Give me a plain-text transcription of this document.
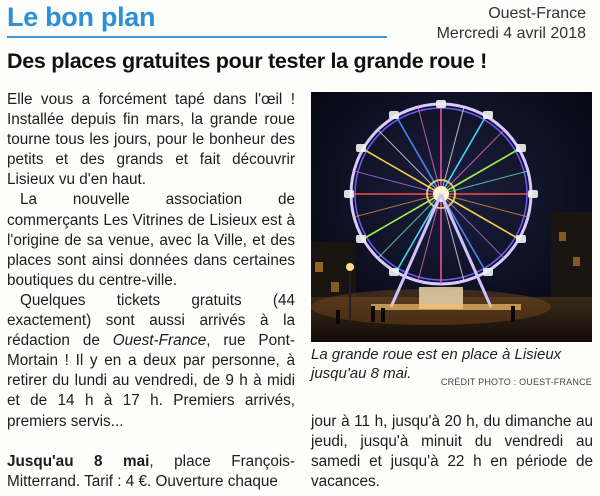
Le bon plan	Ouest-France
Mercredi 4 avril 2018
Des places gratuites pour tester la grande roue !

Elle vous a forcément tapé dans l'œil ! Installée depuis fin mars, la grande roue tourne tous les jours, pour le bonheur des petits et des grands et fait découvrir Lisieux vu d'en haut.

La nouvelle association de commerçants Les Vitrines de Lisieux est à l'origine de sa venue, avec la Ville, et des places sont ainsi données dans certaines boutiques du centre-ville.

Quelques tickets gratuits (44 exactement) sont aussi arrivés à la rédaction de Ouest-France, rue Pont-Mortain ! Il y en a deux par personne, à retirer du lundi au vendredi, de 9 h à midi et de 14 h à 17 h. Premiers arrivés, premiers servis...

Jusqu'au 8 mai, place François-Mitterrand. Tarif : 4 €. Ouverture chaque

La grande roue est en place à Lisieux jusqu'au 8 mai.	CRÉDIT PHOTO : OUEST-FRANCE
jour à 11 h, jusqu'à 20 h, du dimanche au jeudi, jusqu'à minuit du vendredi au samedi et jusqu'à 22 h en période de vacances.
